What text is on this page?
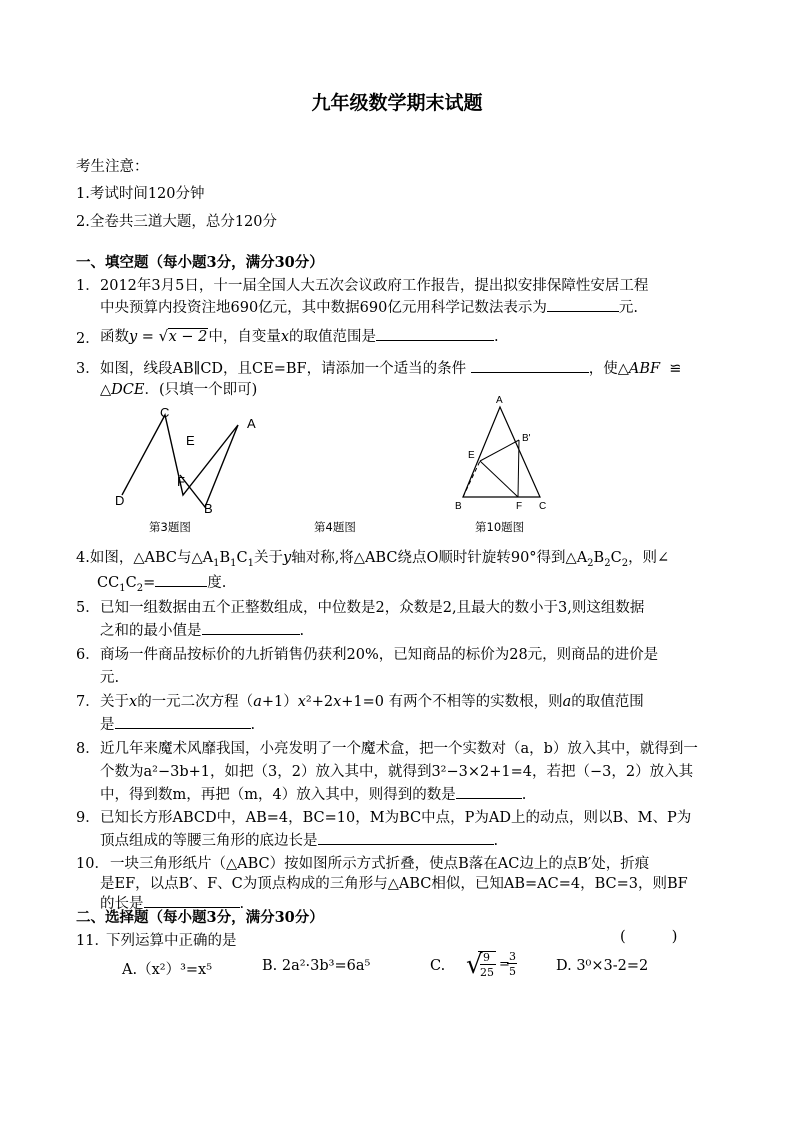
九年级数学期末试题
考生注意：
1.考试时间120分钟
2.全卷共三道大题，总分120分
一、填空题（每小题3分，满分30分）
1． 2012年3月5日，十一届全国人大五次会议政府工作报告，提出拟安排保障性安居工程
中央预算内投资注地690亿元，其中数据690亿元用科学记数法表示为	元.
2． 函数y = √ x − 2中，自变量x的取值范围是	.
3． 如图，线段AB∥CD，且CE=BF，请添加一个适当的条件	，使△ABF ≌
△DCE．(只填一个即可)
C
A
E
F
D
B
A
B'
E
B	F C
第3题图	第4题图	第10题图
4.如图，△ABC与$\triangle A_1B_1C_1$关于y轴对称,将△ABC绕点O顺时针旋转90°得到$\triangle A_2B_2C_2$，则∠
$CC_1C_2=$	度.
5． 已知一组数据由五个正整数组成，中位数是2，众数是2,且最大的数小于3,则这组数据
之和的最小值是	.
6． 商场一件商品按标价的九折销售仍获利20%，已知商品的标价为28元，则商品的进价是
元.
7． 关于x的一元二次方程（a+1）x²+2x+1=0 有两个不相等的实数根，则a的取值范围
是	.
8． 近几年来魔术风靡我国，小亮发明了一个魔术盒，把一个实数对（a，b）放入其中，就得到一
个数为a²−3b+1，如把（3，2）放入其中，就得到3²−3×2+1=4，若把（−3，2）放入其
中，得到数m，再把（m，4）放入其中，则得到的数是	.
9． 已知长方形ABCD中，AB=4，BC=10，M为BC中点，P为AD上的动点，则以B、M、P为
顶点组成的等腰三角形的底边长是	.
10． 一块三角形纸片（△ABC）按如图所示方式折叠，使点B落在AC边上的点B′处，折痕
是EF，以点B′、F、C为顶点构成的三角形与△ABC相似，已知AB=AC=4，BC=3，则BF
的长是	.
二、选择题（每小题3分，满分30分）
11．
下列运算中正确的是	(          )
A.（x²）³=x⁵	B. 2a²·3b³=6a⁵	C. √ 9
25
=
3
5	D. 3⁰×3-2=2
